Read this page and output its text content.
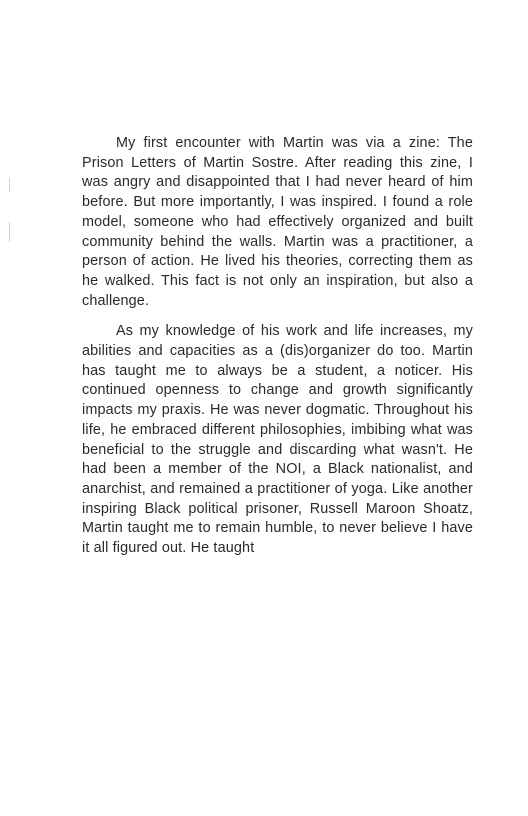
My first encounter with Martin was via a zine: The Prison Letters of Martin Sostre. After reading this zine, I was angry and disappointed that I had never heard of him before. But more importantly, I was inspired. I found a role model, someone who had effectively organized and built community behind the walls. Martin was a practitioner, a person of action. He lived his theories, correcting them as he walked. This fact is not only an inspiration, but also a challenge.

As my knowledge of his work and life increases, my abilities and capacities as a (dis)organizer do too. Martin has taught me to always be a student, a noticer. His continued openness to change and growth significantly impacts my praxis. He was never dogmatic. Throughout his life, he embraced different philosophies, imbibing what was beneficial to the struggle and discarding what wasn't. He had been a member of the NOI, a Black nationalist, and anarchist, and remained a practitioner of yoga. Like another inspiring Black political prisoner, Russell Maroon Shoatz, Martin taught me to remain humble, to never believe I have it all figured out. He taught
